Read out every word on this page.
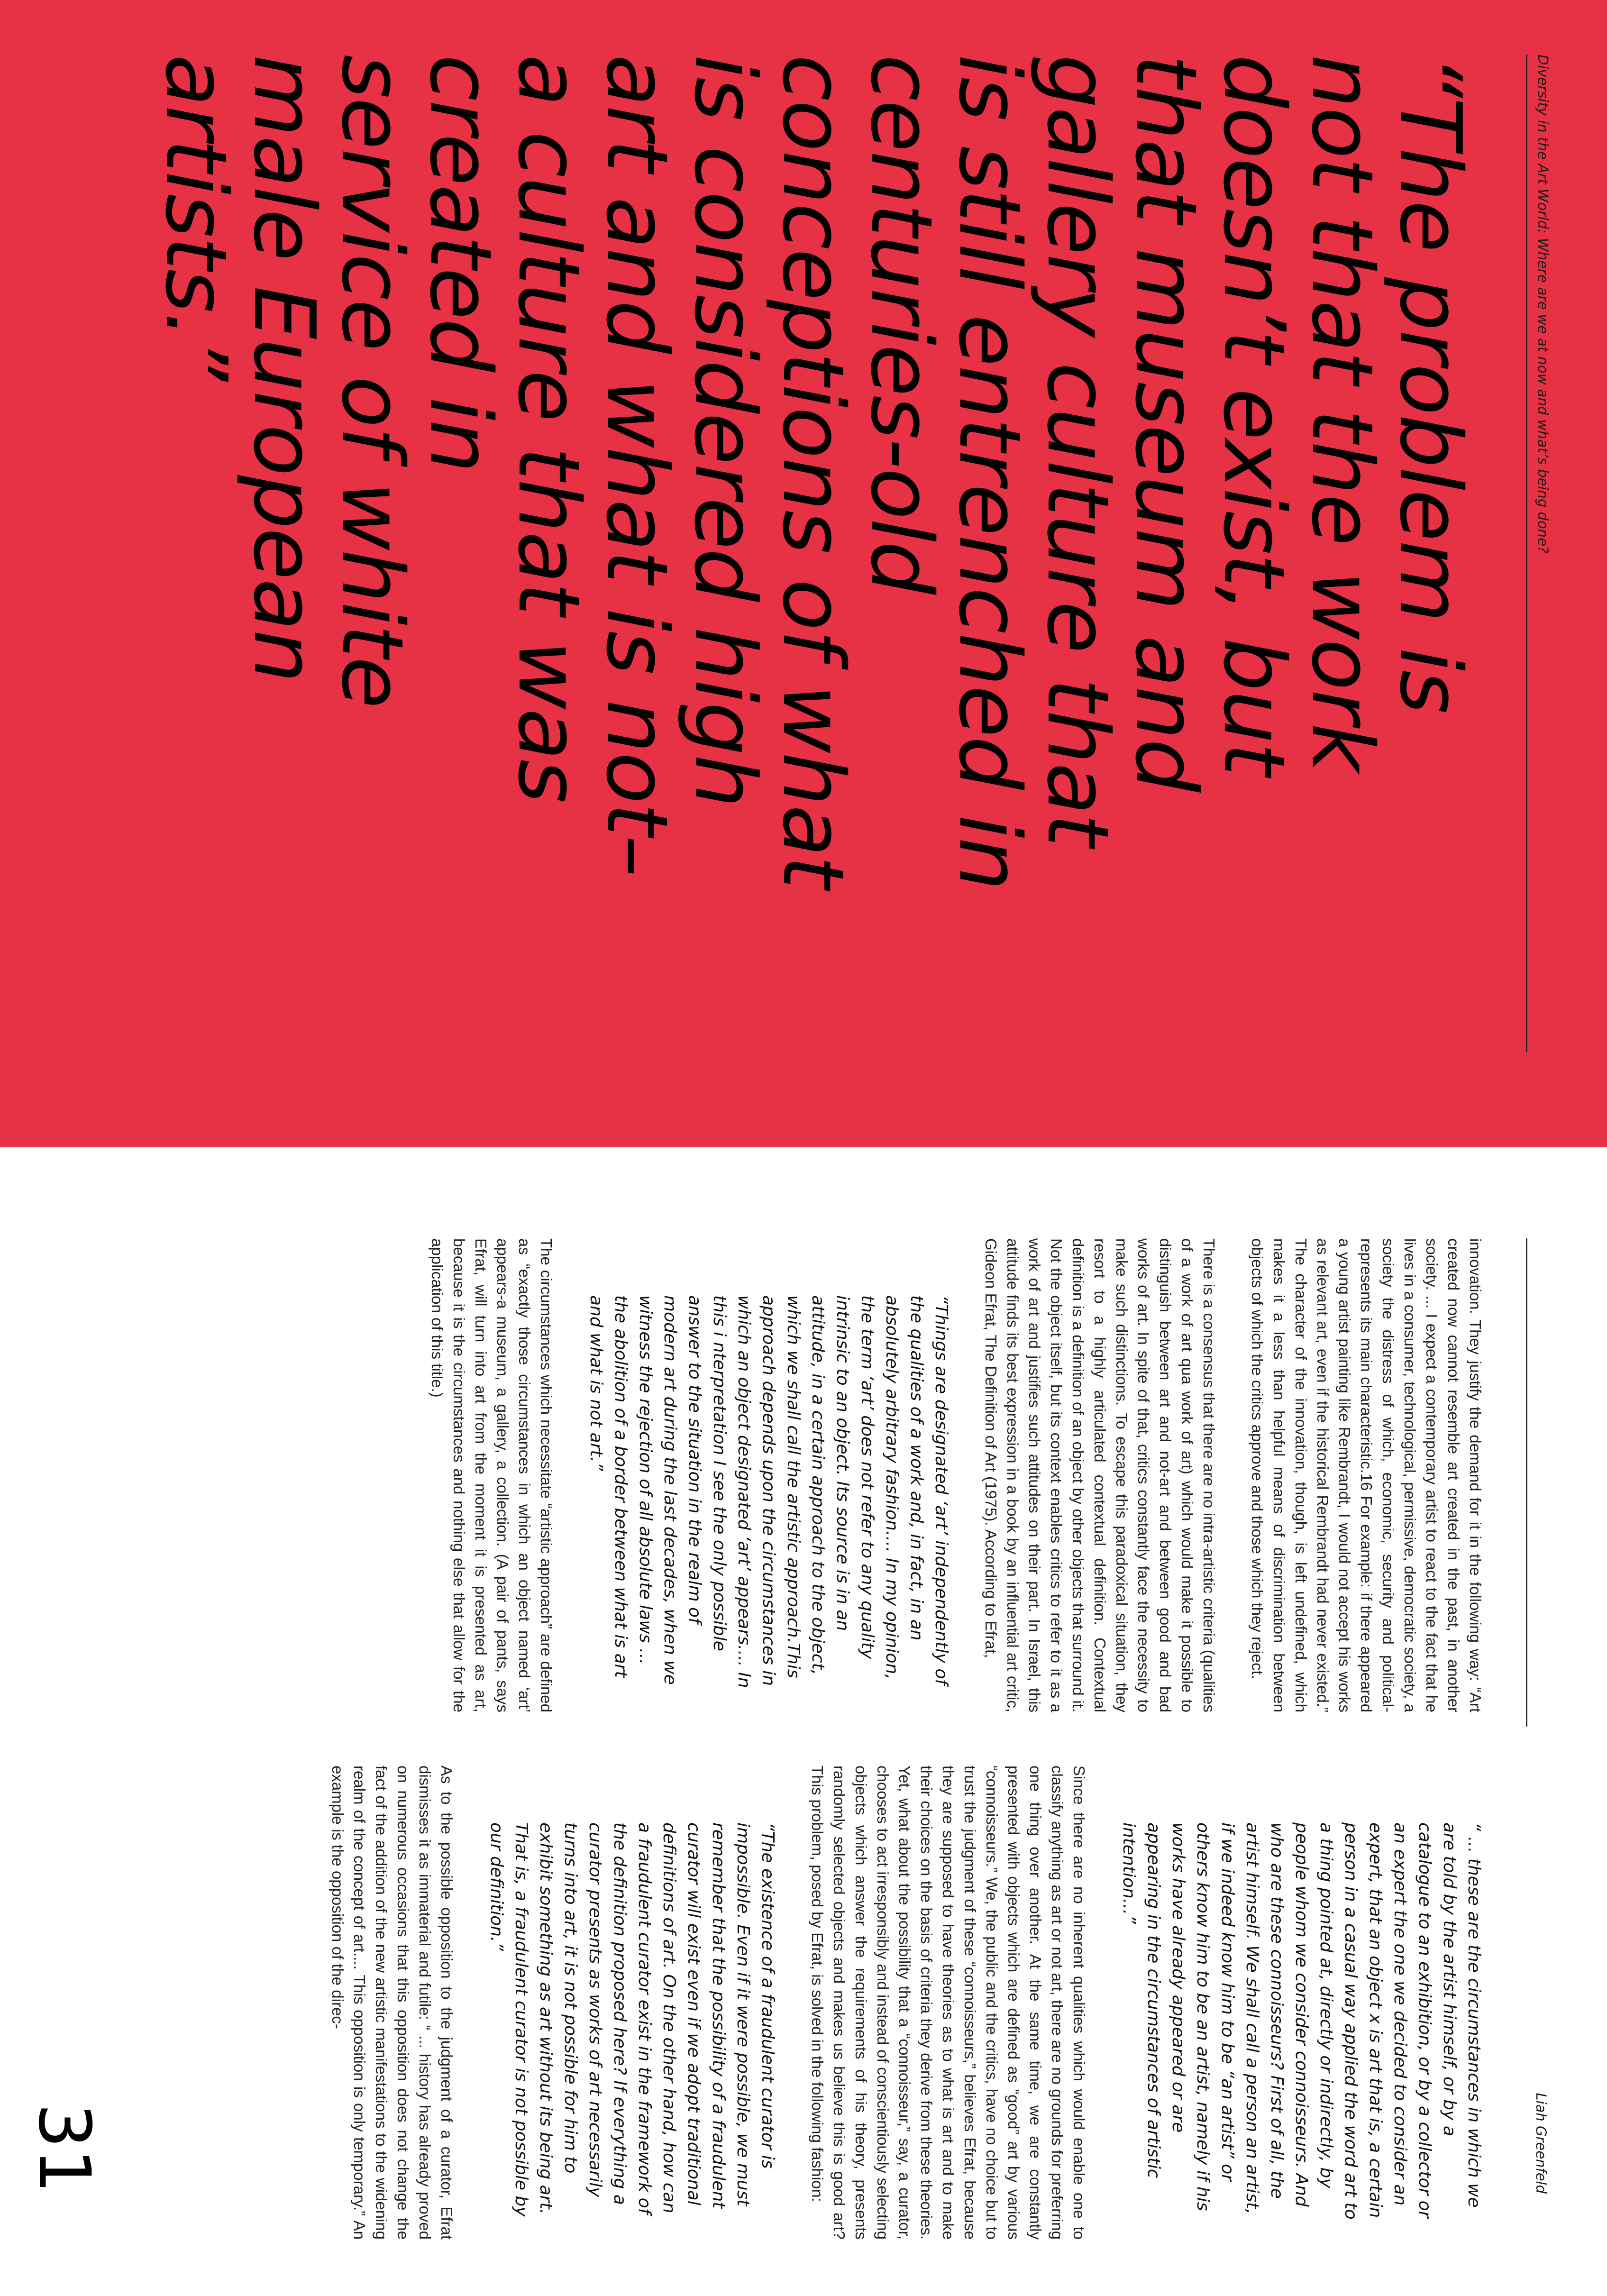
Diversity in the Art World: Where are we at now and what’s being done?
Liah Greenfeld
“The problem is
not that the work
doesn’t exist, but
that museum and
gallery culture that
is still entrenched in
centuries-old
conceptions of what
is considered high
art and what is not–
a culture that was
created in
service of white
male European
artists.”

innovation. They justify the demand for it in the following way: “Art created now cannot resemble art created in the past, in another society. ... I expect a contemporary artist to react to the fact that he lives in a consumer, technological, permissive, democratic society, a society the distress of which, economic, security and political-represents its main characteristic.16 For example: if there appeared a young artist painting like Rembrandt, I would not accept his works as relevant art, even if the historical Rembrandt had never existed.” The character of the innovation, though, is left undefined, which makes it a less than helpful means of discrimination between objects of which the critics approve and those which they reject.

There is a consensus that there are no intra-artistic criteria (qualities of a work of art qua work of art) which would make it possible to distinguish between art and not-art and between good and bad works of art. In spite of that, critics constantly face the necessity to make such distinctions. To escape this paradoxical situation, they resort to a highly articulated contextual definition. Contextual definition is a definition of an object by other objects that surround it. Not the object itself, but its context enables critics to refer to it as a work of art and justifies such attitudes on their part. In Israel, this attitude finds its best expression in a book by an influential art critic, Gideon Efrat, The Definition of Art (1975). According to Efrat,

“Things are designated ‘art’ independently of the qualities of a work and, in fact, in an absolutely arbitrary fashion.... In my opinion, the term ‘art’ does not refer to any quality intrinsic to an object. Its source is in an attitude, in a certain approach to the object, which we shall call the artistic approach.This approach depends upon the circumstances in which an object designated ‘art’ appears.... In this i nterpretation I see the only possible answer to the situation in the realm of modern art during the last decades, when we witness the rejection of all absolute laws ... the abolition of a border between what is art and what is not art.”

The circumstances which necessitate “artistic approach” are defined as “exactly those circumstances in which an object named ‘art’ appears-a museum, a gallery, a collection. (A pair of pants, says Efrat, will turn into art from the moment it is presented as art, because it is the circumstances and nothing else that allow for the application of this title.)

“ ... these are the circumstances in which we are told by the artist himself, or by a catalogue to an exhibition, or by a collector or an expert the one we decided to consider an expert, that an object x is art that is, a certain person in a casual way applied the word art to a thing pointed at, directly or indirectly, by people whom we consider connoisseurs. And who are these connoisseurs? First of all, the artist himself. We shall call a person an artist, if we indeed know him to be “an artist” or others know him to be an artist, namely if his works have already appeared or are appearing in the circumstances of artistic intention...”

Since there are no inherent qualities which would enable one to classify anything as art or not art, there are no grounds for preferring one thing over another. At the same time, we are constantly presented with objects which are defined as “good” art by various “connoisseurs.” We, the public and the critics, have no choice but to trust the judgment of these “connoisseurs,” believes Efrat, because they are supposed to have theories as to what is art and to make their choices on the basis of criteria they derive from these theories. Yet, what about the possibility that a “connoisseur,” say, a curator, chooses to act irresponsibly and instead of conscientiously selecting objects which answer the requirements of his theory, presents randomly selected objects and makes us believe this is good art? This problem, posed by Efrat, is solved in the following fashion:

“The existence of a fraudulent curator is impossible. Even if it were possible, we must remember that the possibility of a fraudulent curator will exist even if we adopt traditional definitions of art. On the other hand, how can a fraudulent curator exist in the framework of the definition proposed here? If everything a curator presents as works of art necessarily turns into art, it is not possible for him to exhibit something as art without its being art. That is, a fraudulent curator is not possible by our definition.”

As to the possible opposition to the judgment of a curator, Efrat dismisses it as immaterial and futile: “ ... history has already proved on numerous occasions that this opposition does not change the fact of the addition of the new artistic manifestations to the widening realm of the concept of art.... This opposition is only temporary.” An example is the opposition of the direc-

31
